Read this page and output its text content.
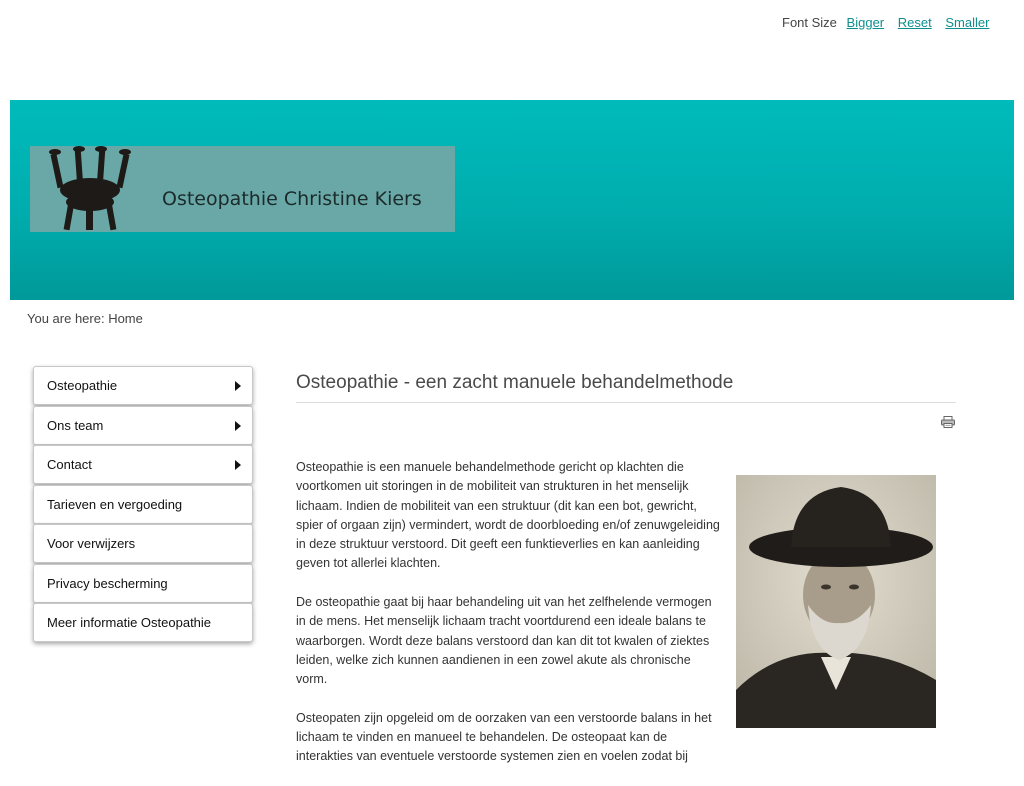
Font Size Bigger Reset Smaller
Osteopathie Christine Kiers
You are here: Home
Osteopathie
Ons team
Contact
Tarieven en vergoeding
Voor verwijzers
Privacy bescherming
Meer informatie Osteopathie
Osteopathie - een zacht manuele behandelmethode

Osteopathie is een manuele behandelmethode gericht op klachten die voortkomen uit storingen in de mobiliteit van strukturen in het menselijk lichaam. Indien de mobiliteit van een struktuur (dit kan een bot, gewricht, spier of orgaan zijn) vermindert, wordt de doorbloeding en/of zenuwgeleiding in deze struktuur verstoord. Dit geeft een funktieverlies en kan aanleiding geven tot allerlei klachten.

De osteopathie gaat bij haar behandeling uit van het zelfhelende vermogen in de mens. Het menselijk lichaam tracht voortdurend een ideale balans te waarborgen. Wordt deze balans verstoord dan kan dit tot kwalen of ziektes leiden, welke zich kunnen aandienen in een zowel akute als chronische vorm.

Osteopaten zijn opgeleid om de oorzaken van een verstoorde balans in het lichaam te vinden en manueel te behandelen. De osteopaat kan de interakties van eventuele verstoorde systemen zien en voelen zodat bij
